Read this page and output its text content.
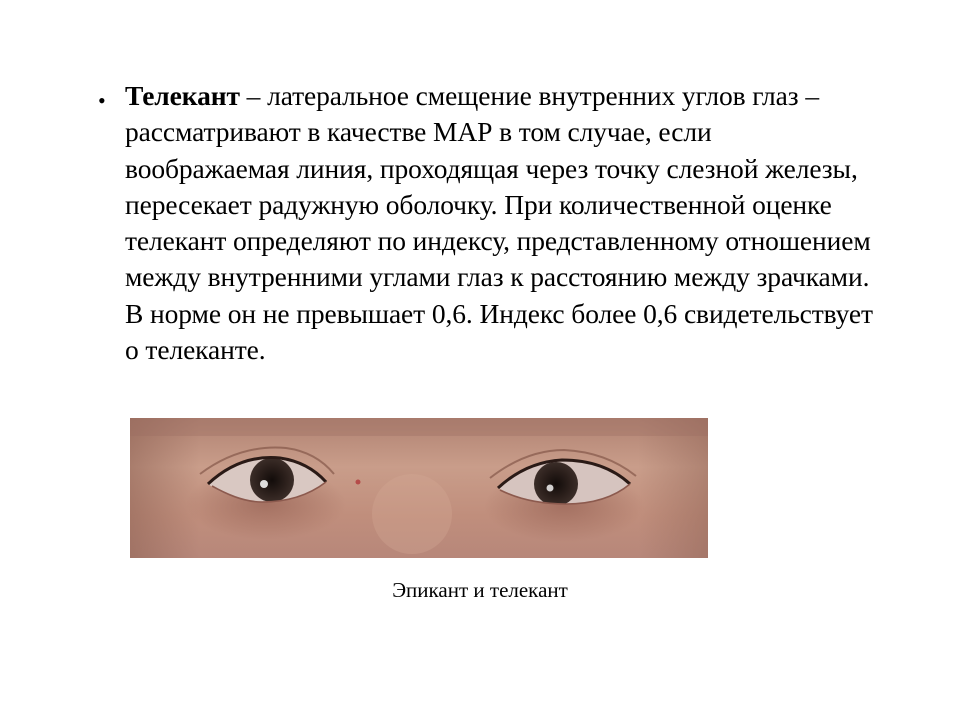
• Телекант – латеральное смещение внутренних углов глаз – рассматривают в качестве МАР в том случае, если воображаемая линия, проходящая через точку слезной железы, пересекает радужную оболочку. При количественной оценке телекант определяют по индексу, представленному отношением между внутренними углами глаз к расстоянию между зрачками. В норме он не превышает 0,6. Индекс более 0,6 свидетельствует о телеканте.
Эпикант и телекант
